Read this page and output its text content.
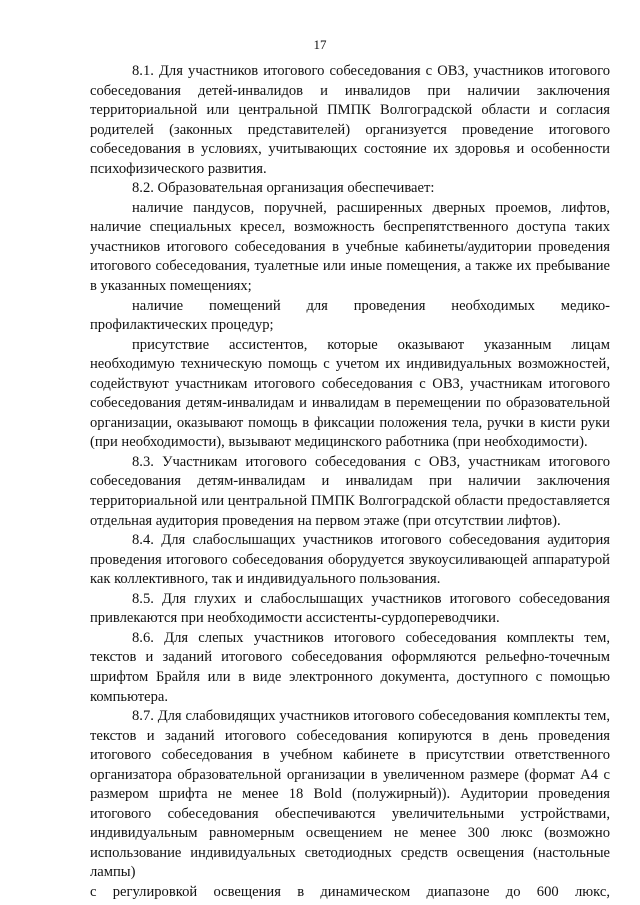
17

8.1. Для участников итогового собеседования с ОВЗ, участников итогового собеседования детей-инвалидов и инвалидов при наличии заключения территориальной или центральной ПМПК Волгоградской области и согласия родителей (законных представителей) организуется проведение итогового собеседования в условиях, учитывающих состояние их здоровья и особенности психофизического развития.

8.2. Образовательная организация обеспечивает:

наличие пандусов, поручней, расширенных дверных проемов, лифтов, наличие специальных кресел, возможность беспрепятственного доступа таких участников итогового собеседования в учебные кабинеты/аудитории проведения итогового собеседования, туалетные или иные помещения, а также их пребывание в указанных помещениях;

наличие помещений для проведения необходимых медико-профилактических процедур;

присутствие ассистентов, которые оказывают указанным лицам необходимую техническую помощь с учетом их индивидуальных возможностей, содействуют участникам итогового собеседования с ОВЗ, участникам итогового собеседования детям-инвалидам и инвалидам в перемещении по образовательной организации, оказывают помощь в фиксации положения тела, ручки в кисти руки (при необходимости), вызывают медицинского работника (при необходимости).

8.3. Участникам итогового собеседования с ОВЗ, участникам итогового собеседования детям-инвалидам и инвалидам при наличии заключения территориальной или центральной ПМПК Волгоградской области предоставляется отдельная аудитория проведения на первом этаже (при отсутствии лифтов).

8.4. Для слабослышащих участников итогового собеседования аудитория проведения итогового собеседования оборудуется звукоусиливающей аппаратурой как коллективного, так и индивидуального пользования.

8.5. Для глухих и слабослышащих участников итогового собеседования привлекаются при необходимости ассистенты-сурдопереводчики.

8.6. Для слепых участников итогового собеседования комплекты тем, текстов и заданий итогового собеседования оформляются рельефно-точечным шрифтом Брайля или в виде электронного документа, доступного с помощью компьютера.

8.7. Для слабовидящих участников итогового собеседования комплекты тем, текстов и заданий итогового собеседования копируются в день проведения итогового собеседования в учебном кабинете в присутствии ответственного организатора образовательной организации в увеличенном размере (формат А4 с размером шрифта не менее 18 Bold (полужирный)). Аудитории проведения итогового собеседования обеспечиваются увеличительными устройствами, индивидуальным равномерным освещением не менее 300 люкс (возможно использование индивидуальных светодиодных средств освещения (настольные лампы)

с регулировкой освещения в динамическом диапазоне до 600 люкс,
